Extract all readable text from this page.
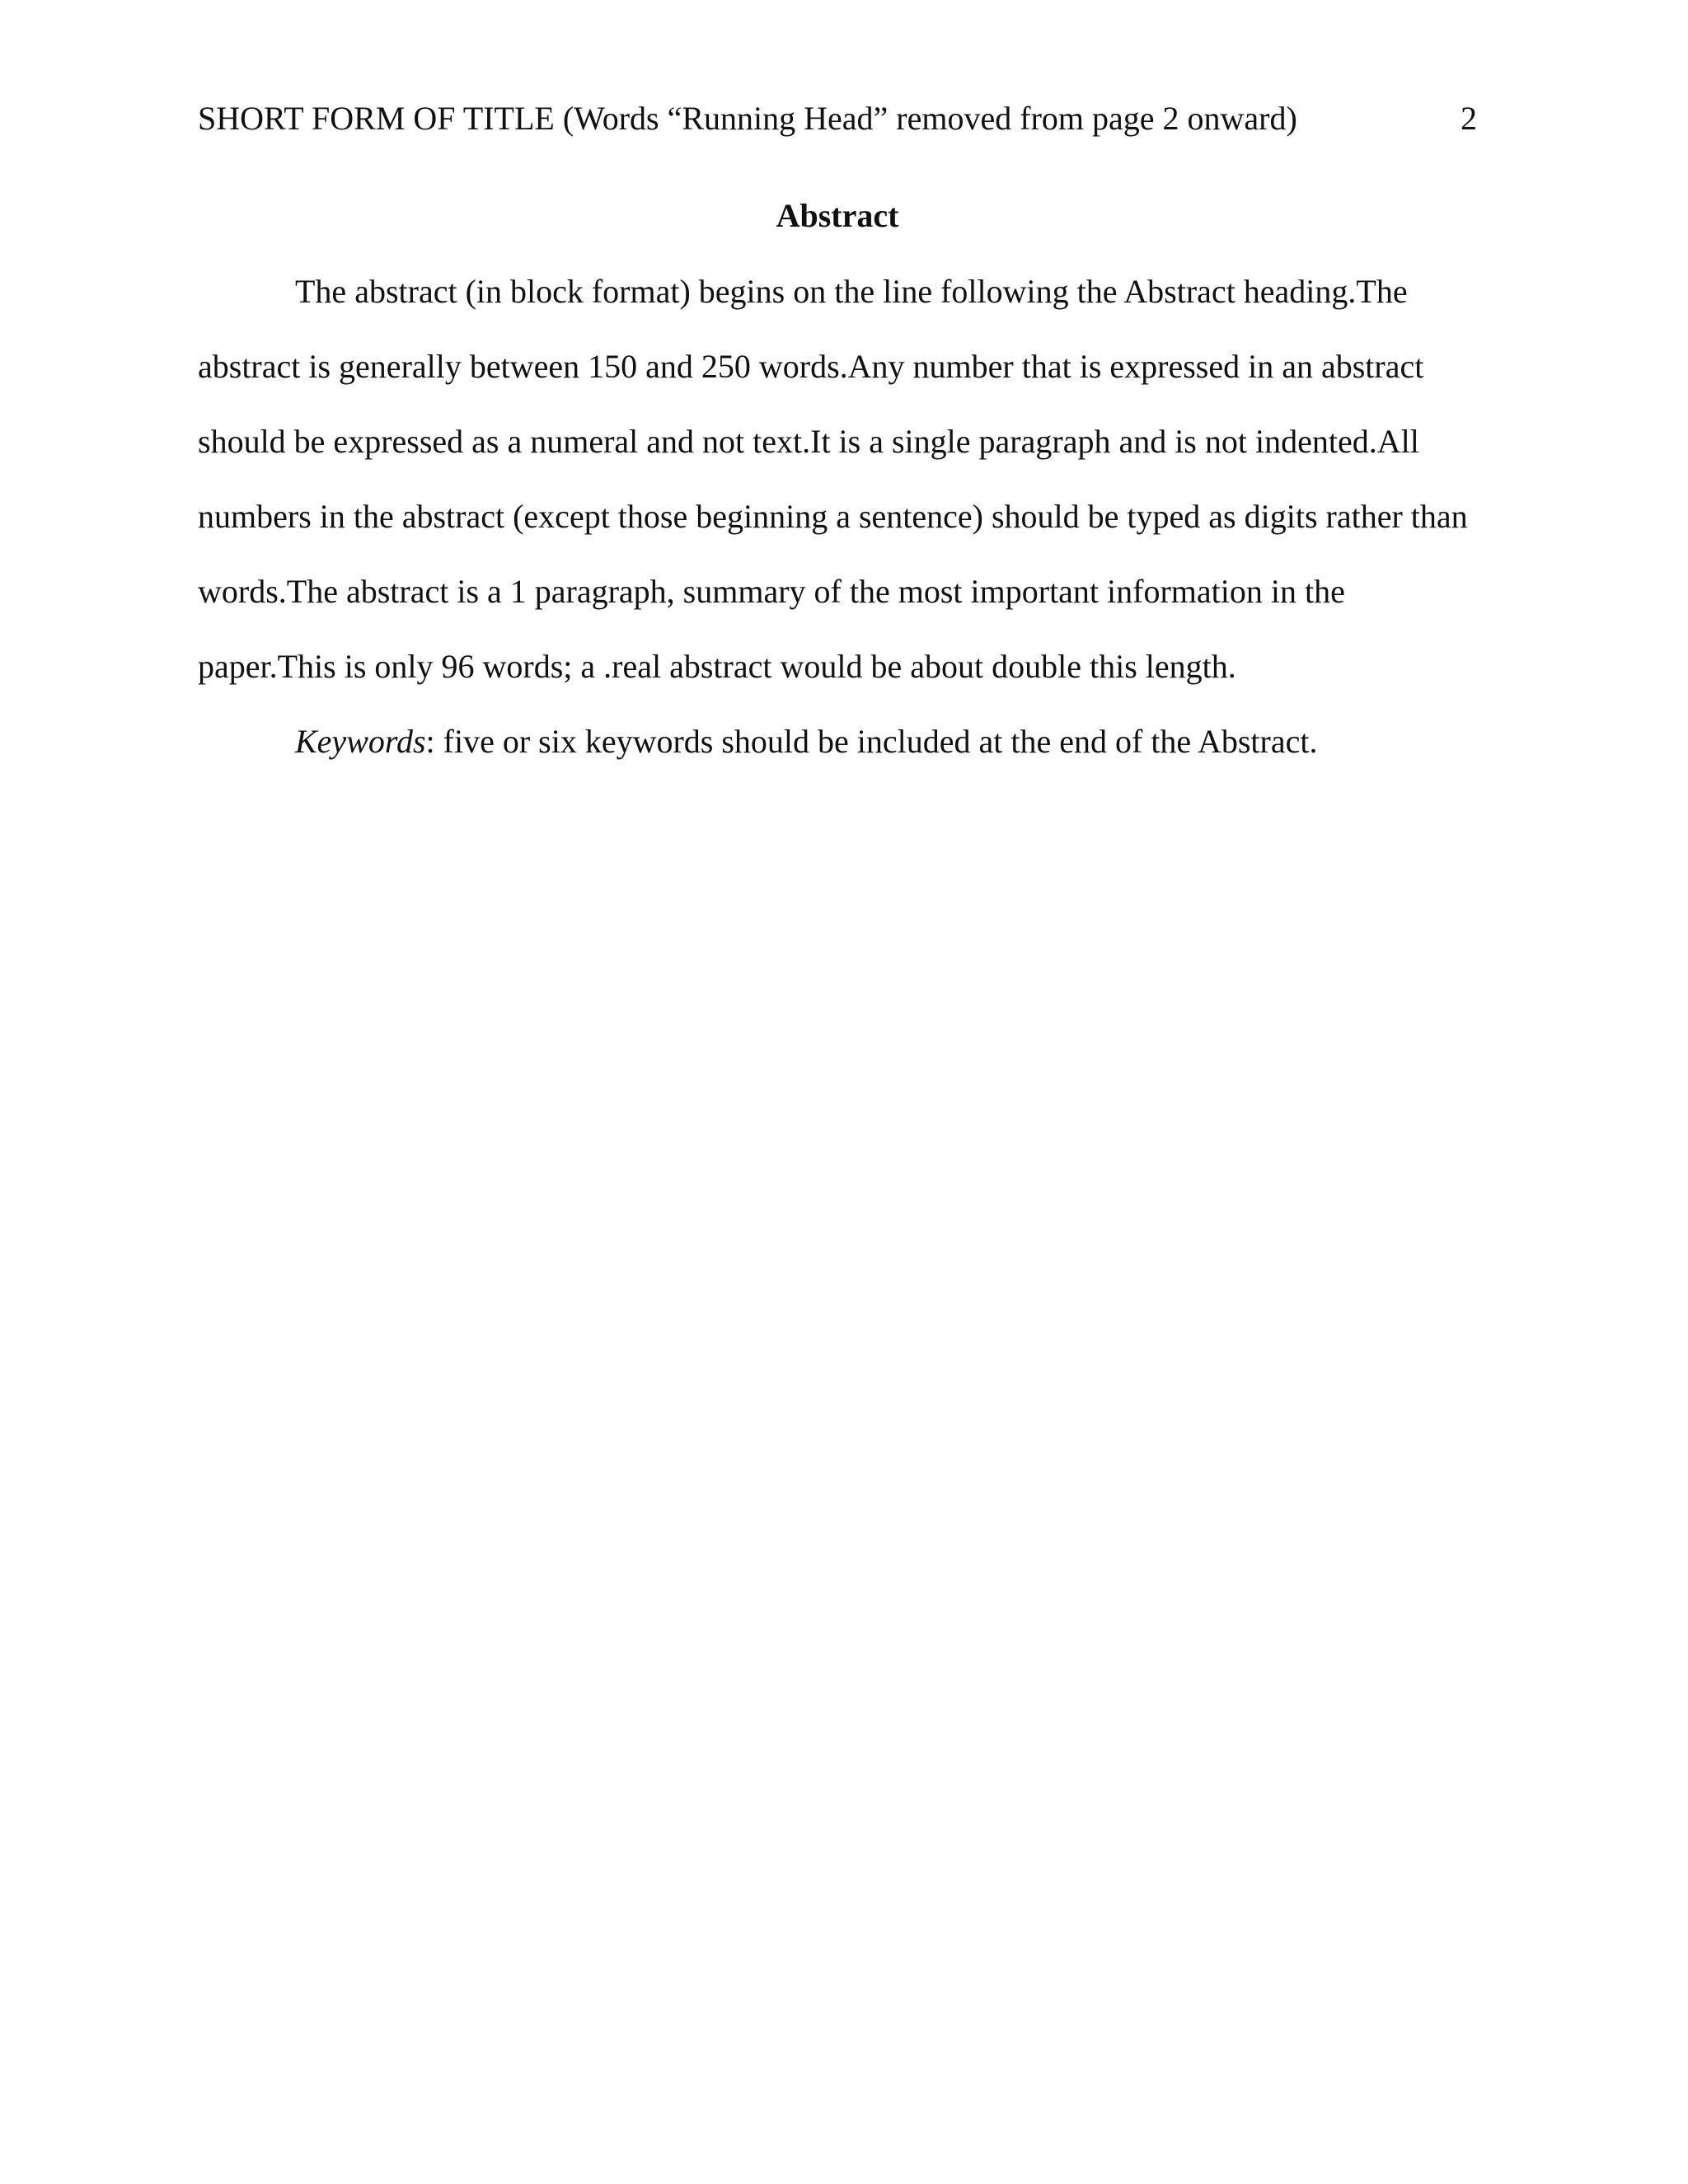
SHORT FORM OF TITLE (Words “Running Head” removed from page 2 onward)	2
Abstract
The abstract (in block format) begins on the line following the Abstract heading.The
abstract is generally between 150 and 250 words.Any number that is expressed in an abstract
should be expressed as a numeral and not text.It is a single paragraph and is not indented.All
numbers in the abstract (except those beginning a sentence) should be typed as digits rather than
words.The abstract is a 1 paragraph, summary of the most important information in the
paper.This is only 96 words; a .real abstract would be about double this length.
Keywords: five or six keywords should be included at the end of the Abstract.
